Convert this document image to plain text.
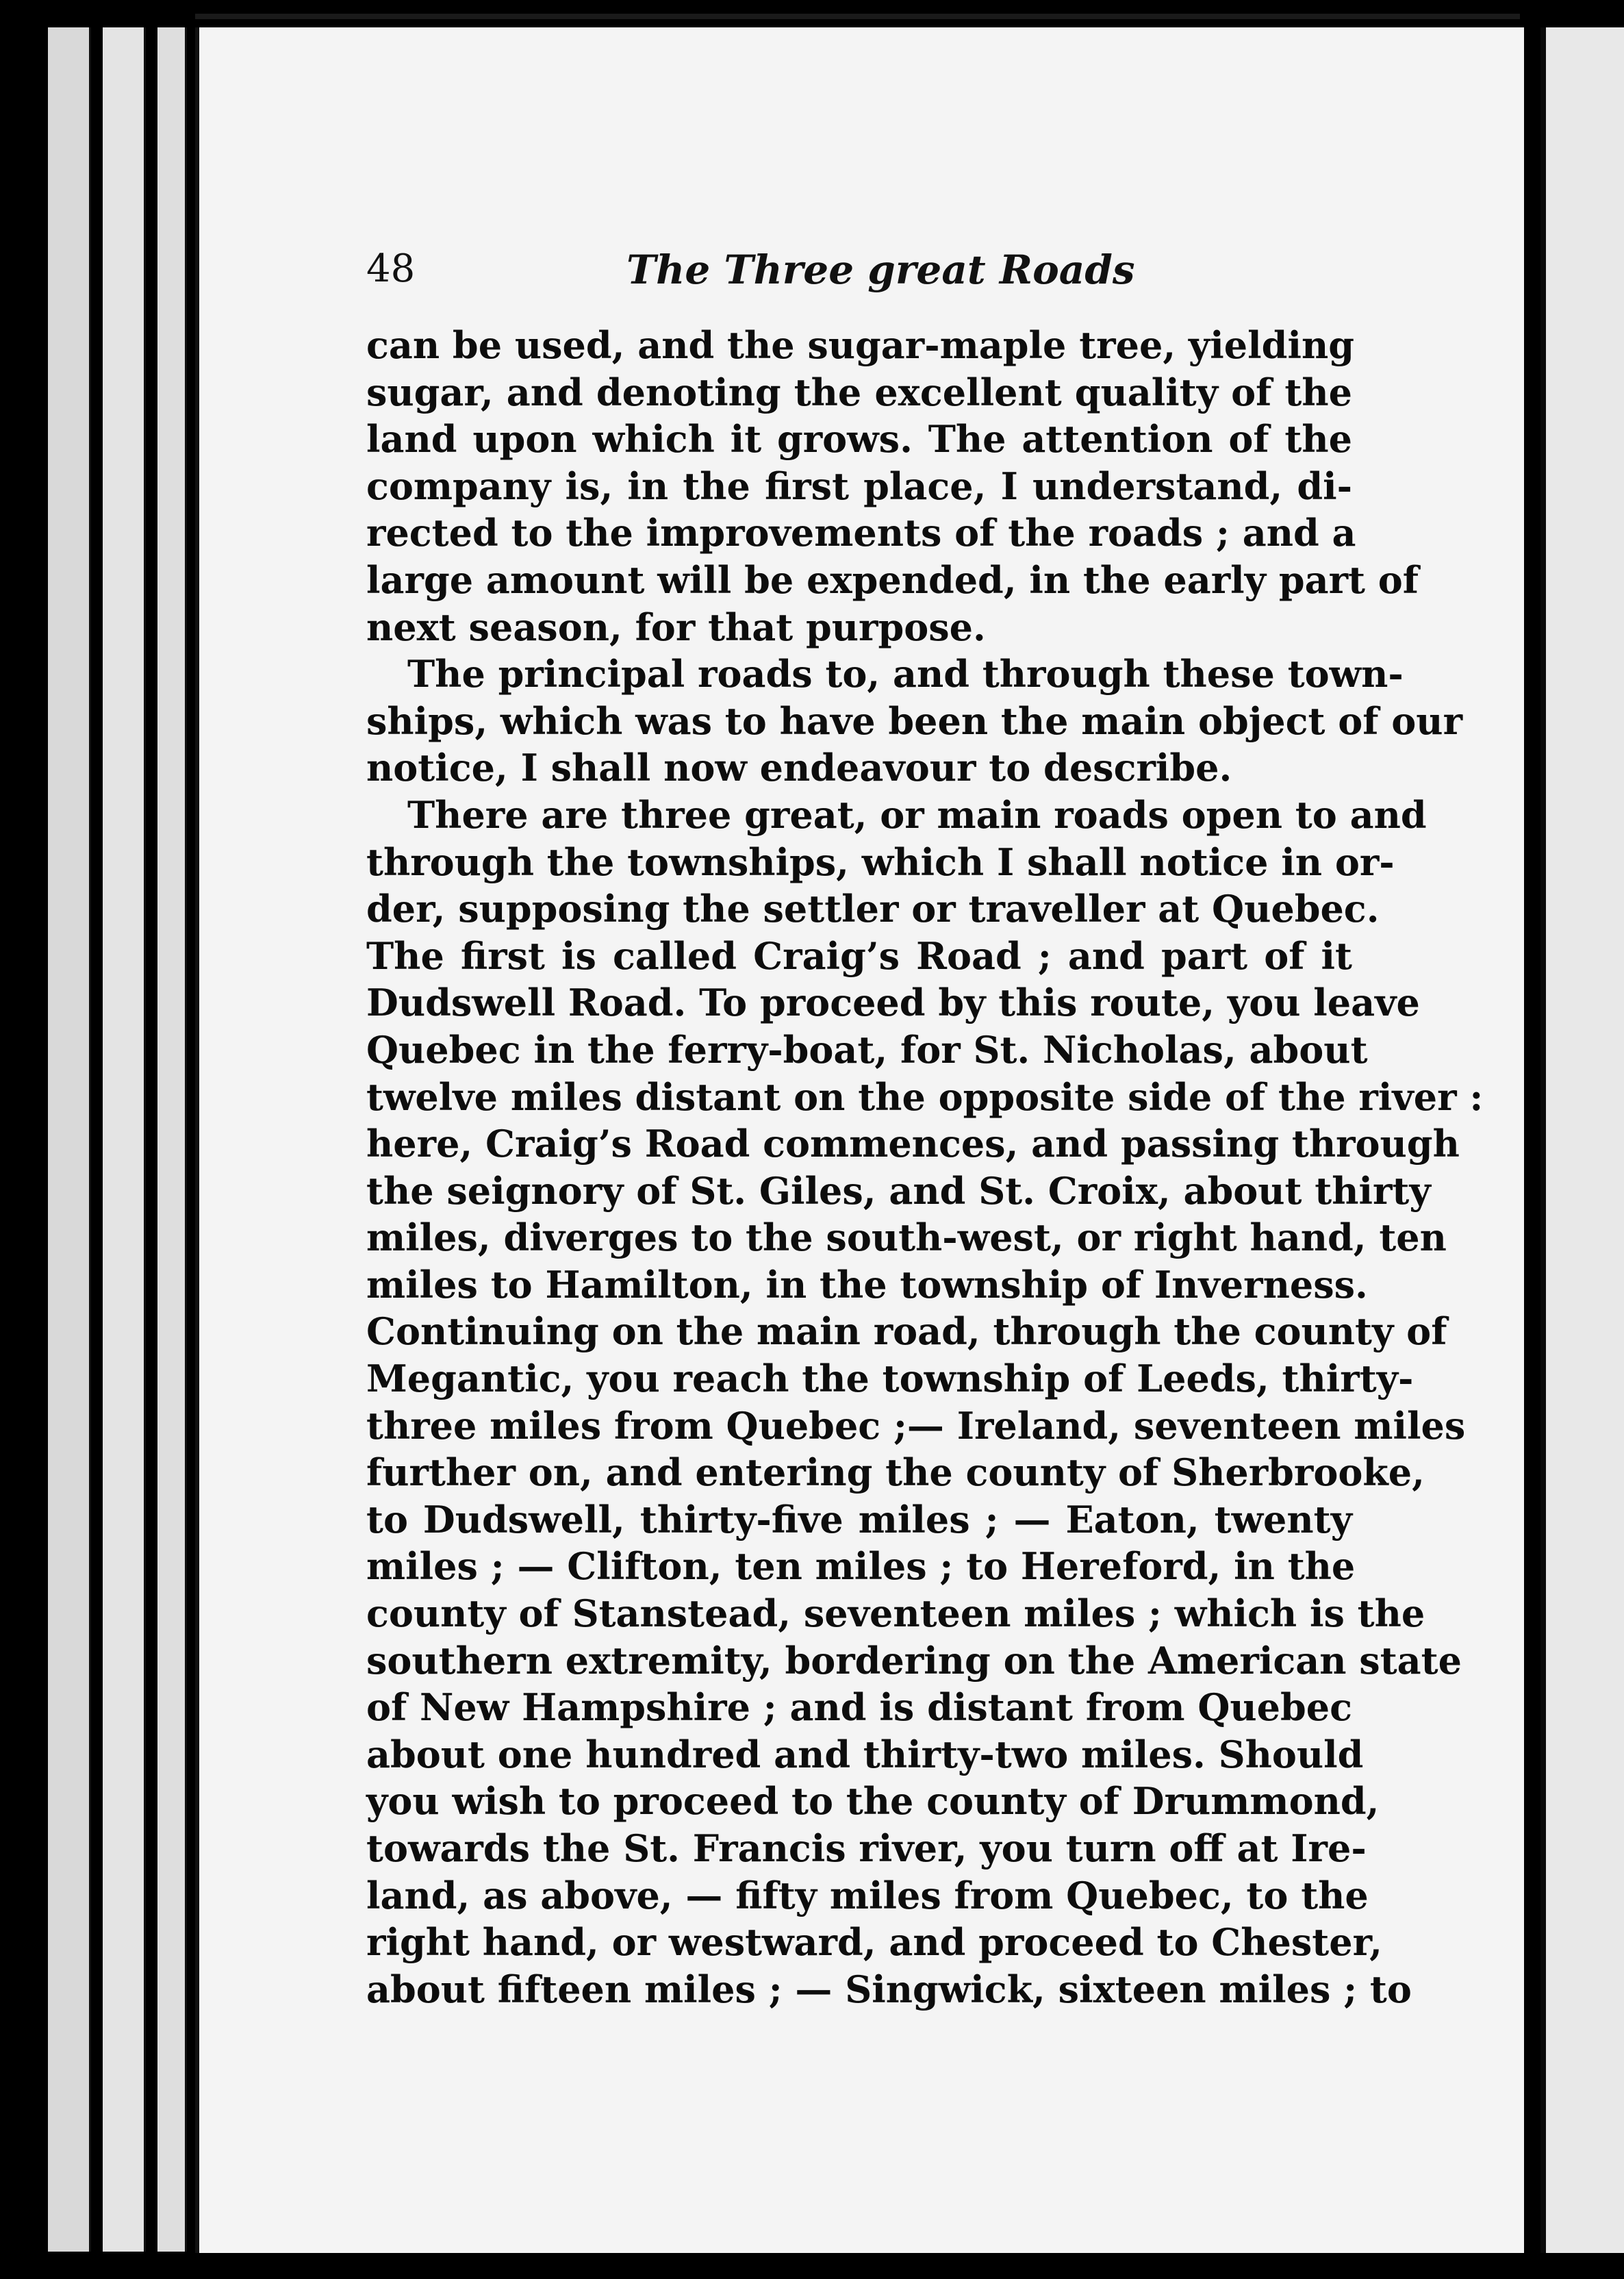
48	The Three great Roads
can be used, and the sugar-maple tree, yielding
sugar, and denoting the excellent quality of the
land upon which it grows. The attention of the
company is, in the first place, I understand, di-
rected to the improvements of the roads ; and a
large amount will be expended, in the early part of
next season, for that purpose.
The principal roads to, and through these town-
ships, which was to have been the main object of our
notice, I shall now endeavour to describe.
There are three great, or main roads open to and
through the townships, which I shall notice in or-
der, supposing the settler or traveller at Quebec.
The first is called Craig’s Road ; and part of it
Dudswell Road. To proceed by this route, you leave
Quebec in the ferry-boat, for St. Nicholas, about
twelve miles distant on the opposite side of the river :
here, Craig’s Road commences, and passing through
the seignory of St. Giles, and St. Croix, about thirty
miles, diverges to the south-west, or right hand, ten
miles to Hamilton, in the township of Inverness.
Continuing on the main road, through the county of
Megantic, you reach the township of Leeds, thirty-
three miles from Quebec ;— Ireland, seventeen miles
further on, and entering the county of Sherbrooke,
to Dudswell, thirty-five miles ; — Eaton, twenty
miles ; — Clifton, ten miles ; to Hereford, in the
county of Stanstead, seventeen miles ; which is the
southern extremity, bordering on the American state
of New Hampshire ; and is distant from Quebec
about one hundred and thirty-two miles. Should
you wish to proceed to the county of Drummond,
towards the St. Francis river, you turn off at Ire-
land, as above, — fifty miles from Quebec, to the
right hand, or westward, and proceed to Chester,
about fifteen miles ; — Singwick, sixteen miles ; to
